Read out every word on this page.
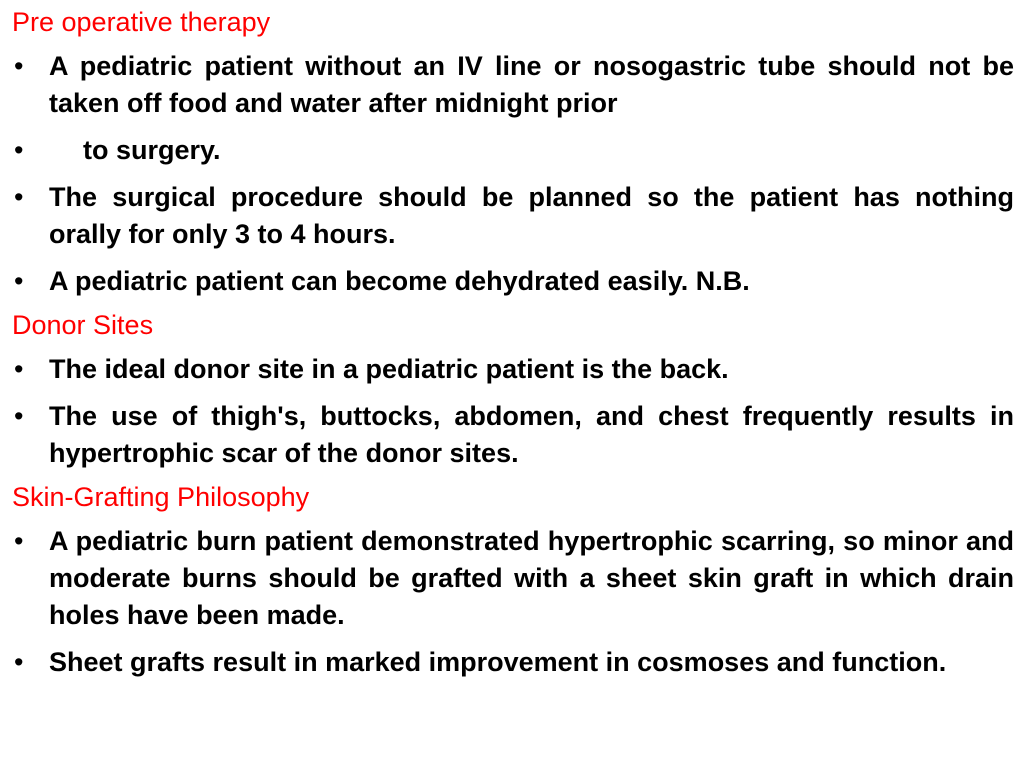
Pre operative therapy
• A pediatric patient without an IV line or nosogastric tube should not be taken off food and water after midnight prior
•	to surgery.
• The surgical procedure should be planned so the patient has nothing orally for only 3 to 4 hours.
• A pediatric patient can become dehydrated easily. N.B.
Donor Sites
• The ideal donor site in a pediatric patient is the back.
• The use of thigh's, buttocks, abdomen, and chest frequently results in hypertrophic scar of the donor sites.
Skin-Grafting Philosophy
• A pediatric burn patient demonstrated hypertrophic scarring, so minor and moderate burns should be grafted with a sheet skin graft in which drain holes have been made.
• Sheet grafts result in marked improvement in cosmoses and function.
